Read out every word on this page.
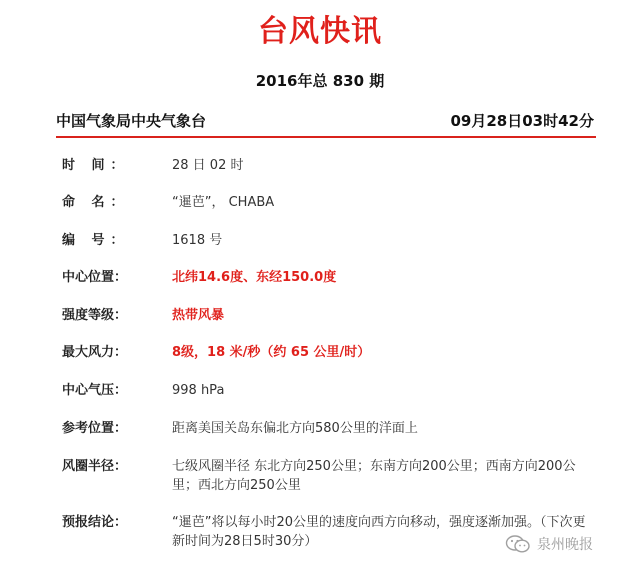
台风快讯
2016年总 830 期
中国气象局中央气象台	09月28日03时42分
时 间：	28 日 02 时
命 名：	“暹芭”， CHABA
编 号：	1618 号
中心位置：	北纬14.6度、东经150.0度
强度等级：	热带风暴
最大风力：	8级，18 米/秒（约 65 公里/时）
中心气压：	998 hPa
参考位置：	距离美国关岛东偏北方向580公里的洋面上
风圈半径：	七级风圈半径 东北方向250公里；东南方向200公里；西南方向200公里；西北方向250公里
预报结论：	“暹芭”将以每小时20公里的速度向西方向移动，强度逐渐加强。（下次更新时间为28日5时30分）	泉州晚报
